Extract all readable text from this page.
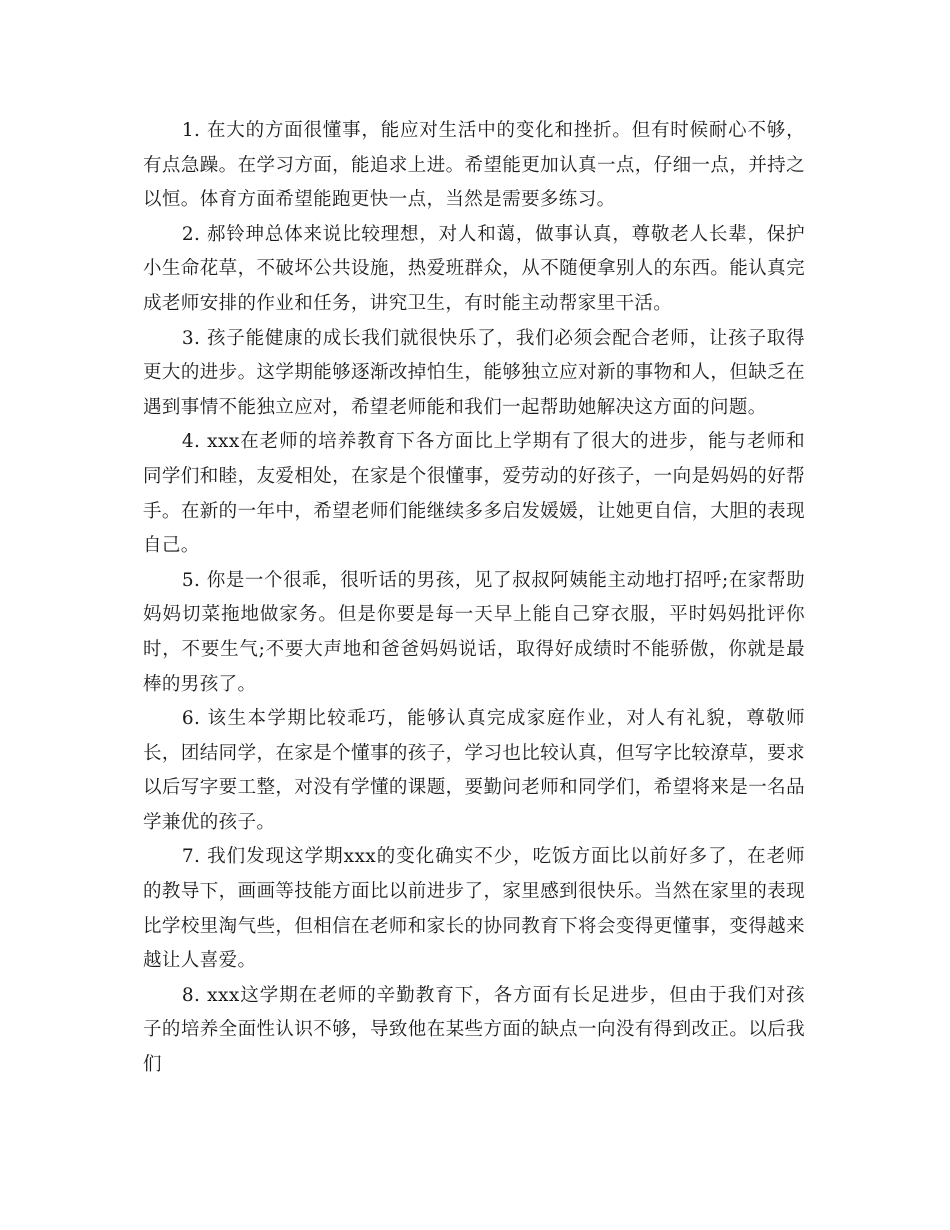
1. 在大的方面很懂事，能应对生活中的变化和挫折。但有时候耐心不够，有点急躁。在学习方面，能追求上进。希望能更加认真一点，仔细一点，并持之以恒。体育方面希望能跑更快一点，当然是需要多练习。

2. 郝铃珅总体来说比较理想，对人和蔼，做事认真，尊敬老人长辈，保护小生命花草，不破坏公共设施，热爱班群众，从不随便拿别人的东西。能认真完成老师安排的作业和任务，讲究卫生，有时能主动帮家里干活。

3. 孩子能健康的成长我们就很快乐了，我们必须会配合老师，让孩子取得更大的进步。这学期能够逐渐改掉怕生，能够独立应对新的事物和人，但缺乏在遇到事情不能独立应对，希望老师能和我们一起帮助她解决这方面的问题。

4. xxx在老师的培养教育下各方面比上学期有了很大的进步，能与老师和同学们和睦，友爱相处，在家是个很懂事，爱劳动的好孩子，一向是妈妈的好帮手。在新的一年中，希望老师们能继续多多启发媛媛，让她更自信，大胆的表现自己。

5. 你是一个很乖，很听话的男孩，见了叔叔阿姨能主动地打招呼;在家帮助妈妈切菜拖地做家务。但是你要是每一天早上能自己穿衣服，平时妈妈批评你时，不要生气;不要大声地和爸爸妈妈说话，取得好成绩时不能骄傲，你就是最棒的男孩了。

6. 该生本学期比较乖巧，能够认真完成家庭作业，对人有礼貌，尊敬师长，团结同学，在家是个懂事的孩子，学习也比较认真，但写字比较潦草，要求以后写字要工整，对没有学懂的课题，要勤问老师和同学们，希望将来是一名品学兼优的孩子。

7. 我们发现这学期xxx的变化确实不少，吃饭方面比以前好多了，在老师的教导下，画画等技能方面比以前进步了，家里感到很快乐。当然在家里的表现比学校里淘气些，但相信在老师和家长的协同教育下将会变得更懂事，变得越来越让人喜爱。

8. xxx这学期在老师的辛勤教育下，各方面有长足进步，但由于我们对孩子的培养全面性认识不够，导致他在某些方面的缺点一向没有得到改正。以后我们
